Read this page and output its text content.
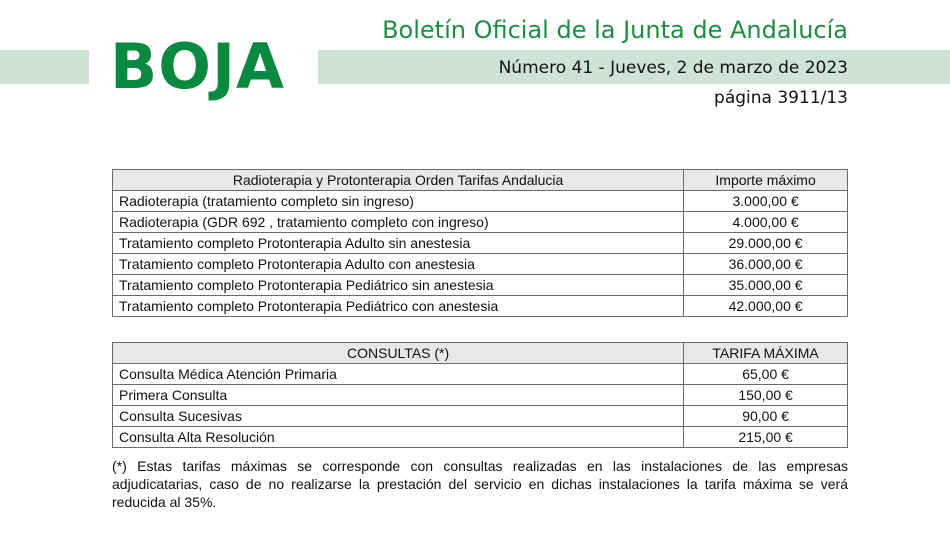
BOJA	Boletín Oficial de la Junta de Andalucía
Número 41 - Jueves, 2 de marzo de 2023
página 3911/13
Radioterapia y Protonterapia Orden Tarifas Andalucia	Importe máximo
Radioterapia (tratamiento completo sin ingreso)	3.000,00 €
Radioterapia (GDR 692 , tratamiento completo con ingreso)	4.000,00 €
Tratamiento completo Protonterapia Adulto sin anestesia	29.000,00 €
Tratamiento completo Protonterapia Adulto con anestesia	36.000,00 €
Tratamiento completo Protonterapia Pediátrico sin anestesia	35.000,00 €
Tratamiento completo Protonterapia Pediátrico con anestesia	42.000,00 €
CONSULTAS (*)	TARIFA MÁXIMA
Consulta Médica Atención Primaria	65,00 €
Primera Consulta	150,00 €
Consulta Sucesivas	90,00 €
Consulta Alta Resolución	215,00 €

(*) Estas tarifas máximas se corresponde con consultas realizadas en las instalaciones de las empresas adjudicatarias, caso de no realizarse la prestación del servicio en dichas instalaciones la tarifa máxima se verá reducida al 35%.
